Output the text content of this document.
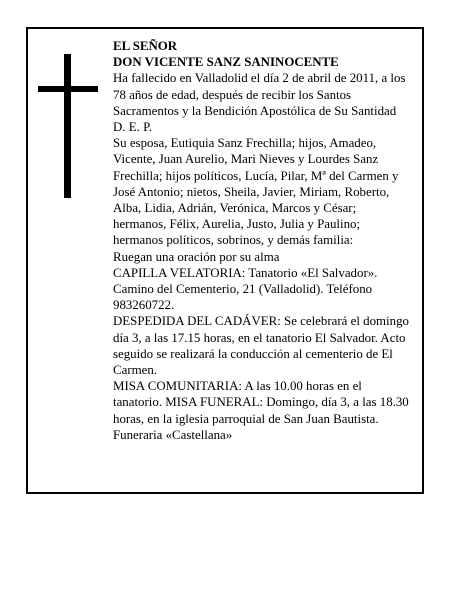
EL SEÑOR

DON VICENTE SANZ SANINOCENTE

Ha fallecido en Valladolid el día 2 de abril de 2011, a los 78 años de edad, después de recibir los Santos Sacramentos y la Bendición Apostólica de Su Santidad D. E. P.

Su esposa, Eutiquia Sanz Frechilla; hijos, Amadeo, Vicente, Juan Aurelio, Mari Nieves y Lourdes Sanz Frechilla; hijos políticos, Lucía, Pilar, Mª del Carmen y José Antonio; nietos, Sheila, Javier, Miriam, Roberto, Alba, Lidia, Adrián, Verónica, Marcos y César; hermanos, Félix, Aurelia, Justo, Julia y Paulino; hermanos políticos, sobrinos, y demás familia:

Ruegan una oración por su alma

CAPILLA VELATORIA: Tanatorio «El Salvador». Camino del Cementerio, 21 (Valladolid). Teléfono 983260722.

DESPEDIDA DEL CADÁVER: Se celebrará el domingo día 3, a las 17.15 horas, en el tanatorio El Salvador. Acto seguido se realizará la conducción al cementerio de El Carmen.

MISA COMUNITARIA: A las 10.00 horas en el tanatorio. MISA FUNERAL: Domingo, día 3, a las 18.30 horas, en la iglesia parroquial de San Juan Bautista.

Funeraria «Castellana»
